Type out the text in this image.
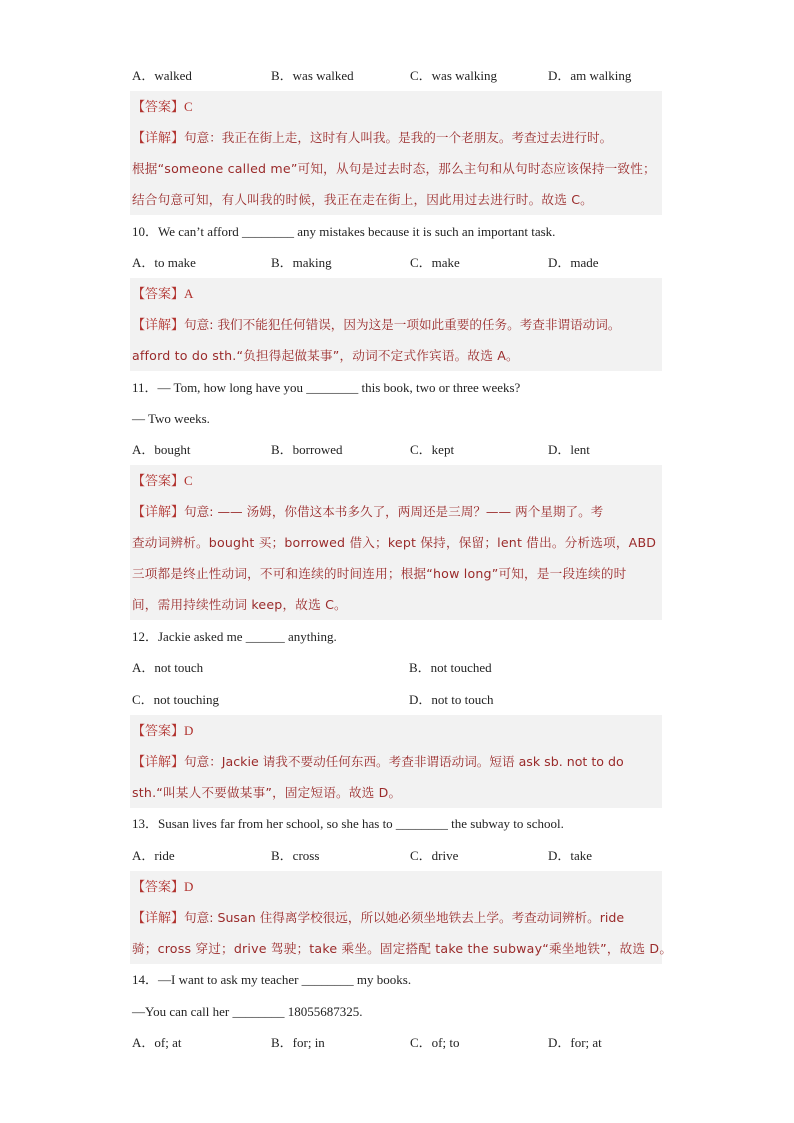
A．walked	B．was walked	C．was walking	D．am walking
【答案】C
【详解】句意：我正在街上走，这时有人叫我。是我的一个老朋友。考查过去进行时。
根据“someone called me”可知，从句是过去时态，那么主句和从句时态应该保持一致性；
结合句意可知，有人叫我的时候，我正在走在街上，因此用过去进行时。故选 C。
10．We can’t afford ________ any mistakes because it is such an important task.
A．to make	B．making	C．make	D．made
【答案】A
【详解】句意: 我们不能犯任何错误，因为这是一项如此重要的任务。考查非谓语动词。
afford to do sth.“负担得起做某事”，动词不定式作宾语。故选 A。
11．— Tom, how long have you ________ this book, two or three weeks?
— Two weeks.
A．bought	B．borrowed	C．kept	D．lent
【答案】C
【详解】句意: —— 汤姆，你借这本书多久了，两周还是三周？—— 两个星期了。考
查动词辨析。bought 买；borrowed 借入；kept 保持，保留；lent 借出。分析选项，ABD
三项都是终止性动词，不可和连续的时间连用；根据“how long”可知，是一段连续的时
间，需用持续性动词 keep，故选 C。
12．Jackie asked me ______ anything.
A．not touch	B．not touched
C．not touching	D．not to touch
【答案】D
【详解】句意：Jackie 请我不要动任何东西。考查非谓语动词。短语 ask sb. not to do
sth.“叫某人不要做某事”，固定短语。故选 D。
13．Susan lives far from her school, so she has to ________ the subway to school.
A．ride	B．cross	C．drive	D．take
【答案】D
【详解】句意: Susan 住得离学校很远，所以她必须坐地铁去上学。考查动词辨析。ride
骑；cross 穿过；drive 驾驶；take 乘坐。固定搭配 take the subway“乘坐地铁”，故选 D。
14．—I want to ask my teacher ________ my books.
—You can call her ________ 18055687325.
A．of; at	B．for; in	C．of; to	D．for; at
